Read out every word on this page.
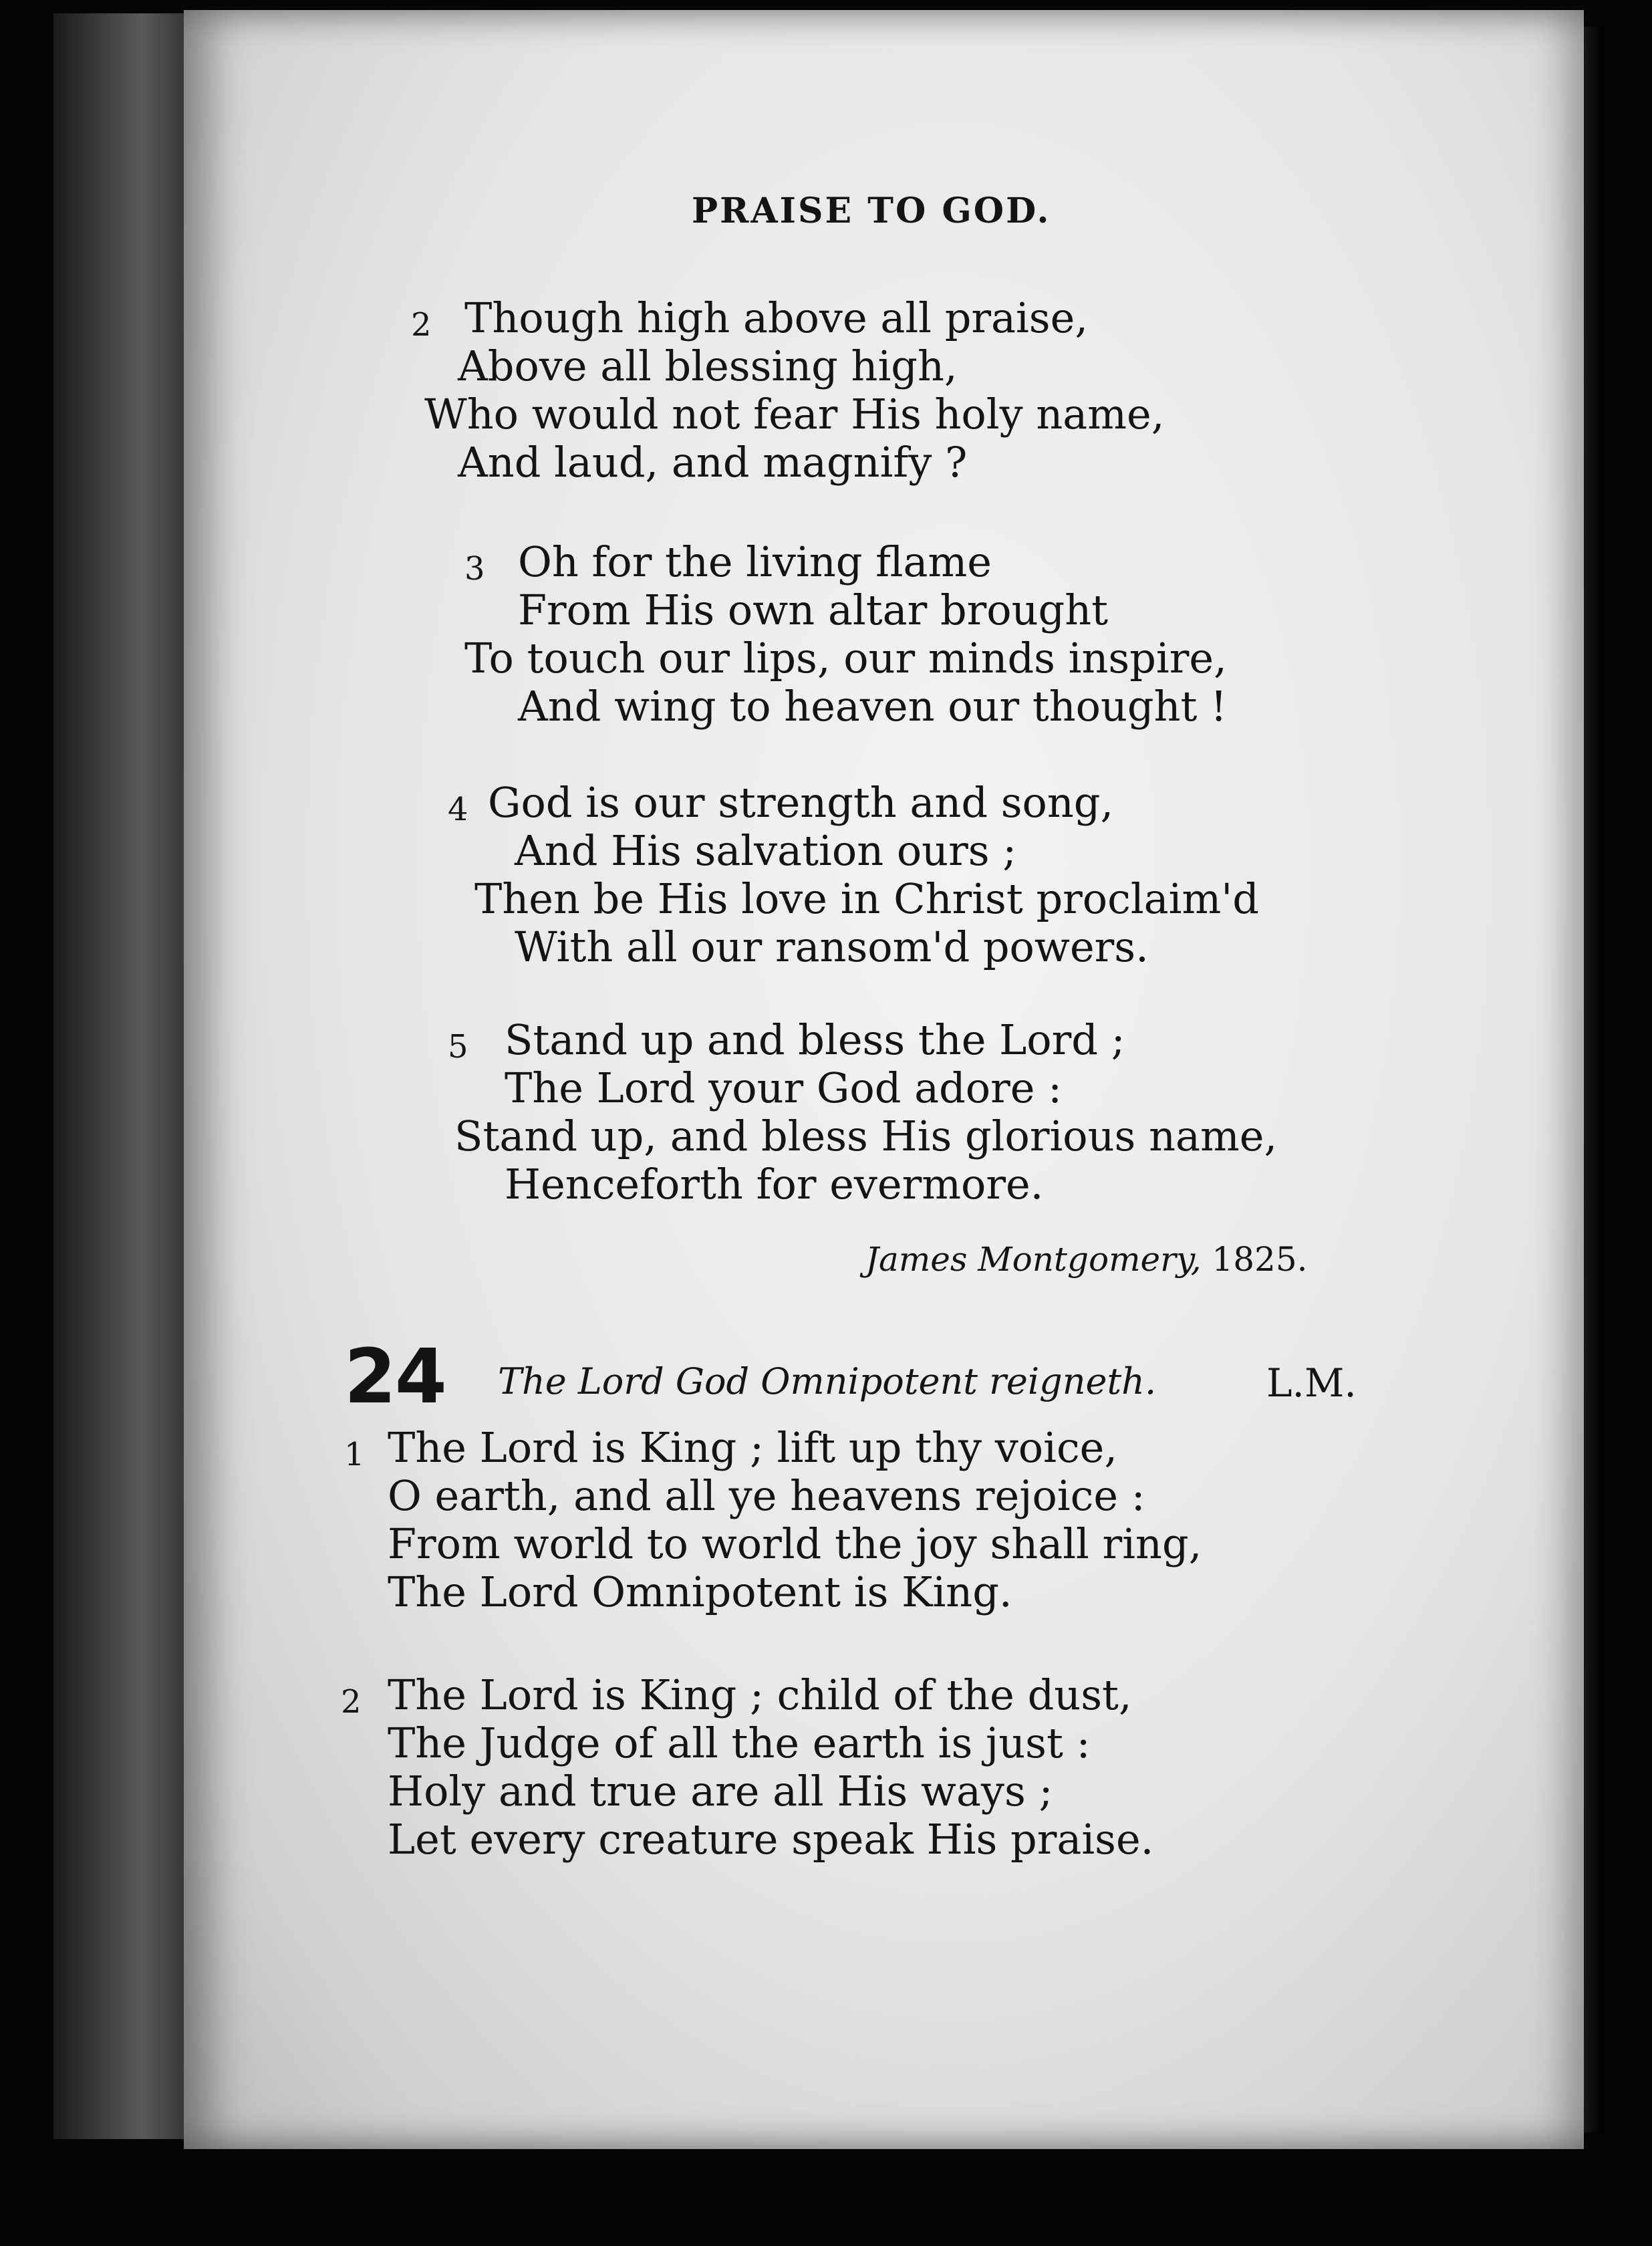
PRAISE TO GOD.
2 Though high above all praise,
Above all blessing high,
Who would not fear His holy name,
And laud, and magnify ?
3 Oh for the living flame
From His own altar brought
To touch our lips, our minds inspire,
And wing to heaven our thought !
4 God is our strength and song,
And His salvation ours ;
Then be His love in Christ proclaim'd
With all our ransom'd powers.
5 Stand up and bless the Lord ;
The Lord your God adore :
Stand up, and bless His glorious name,
Henceforth for evermore.
James Montgomery, 1825.
24 The Lord God Omnipotent reigneth.	L.M.
1 The Lord is King ; lift up thy voice,
O earth, and all ye heavens rejoice :
From world to world the joy shall ring,
The Lord Omnipotent is King.
2 The Lord is King ; child of the dust,
The Judge of all the earth is just :
Holy and true are all His ways ;
Let every creature speak His praise.
